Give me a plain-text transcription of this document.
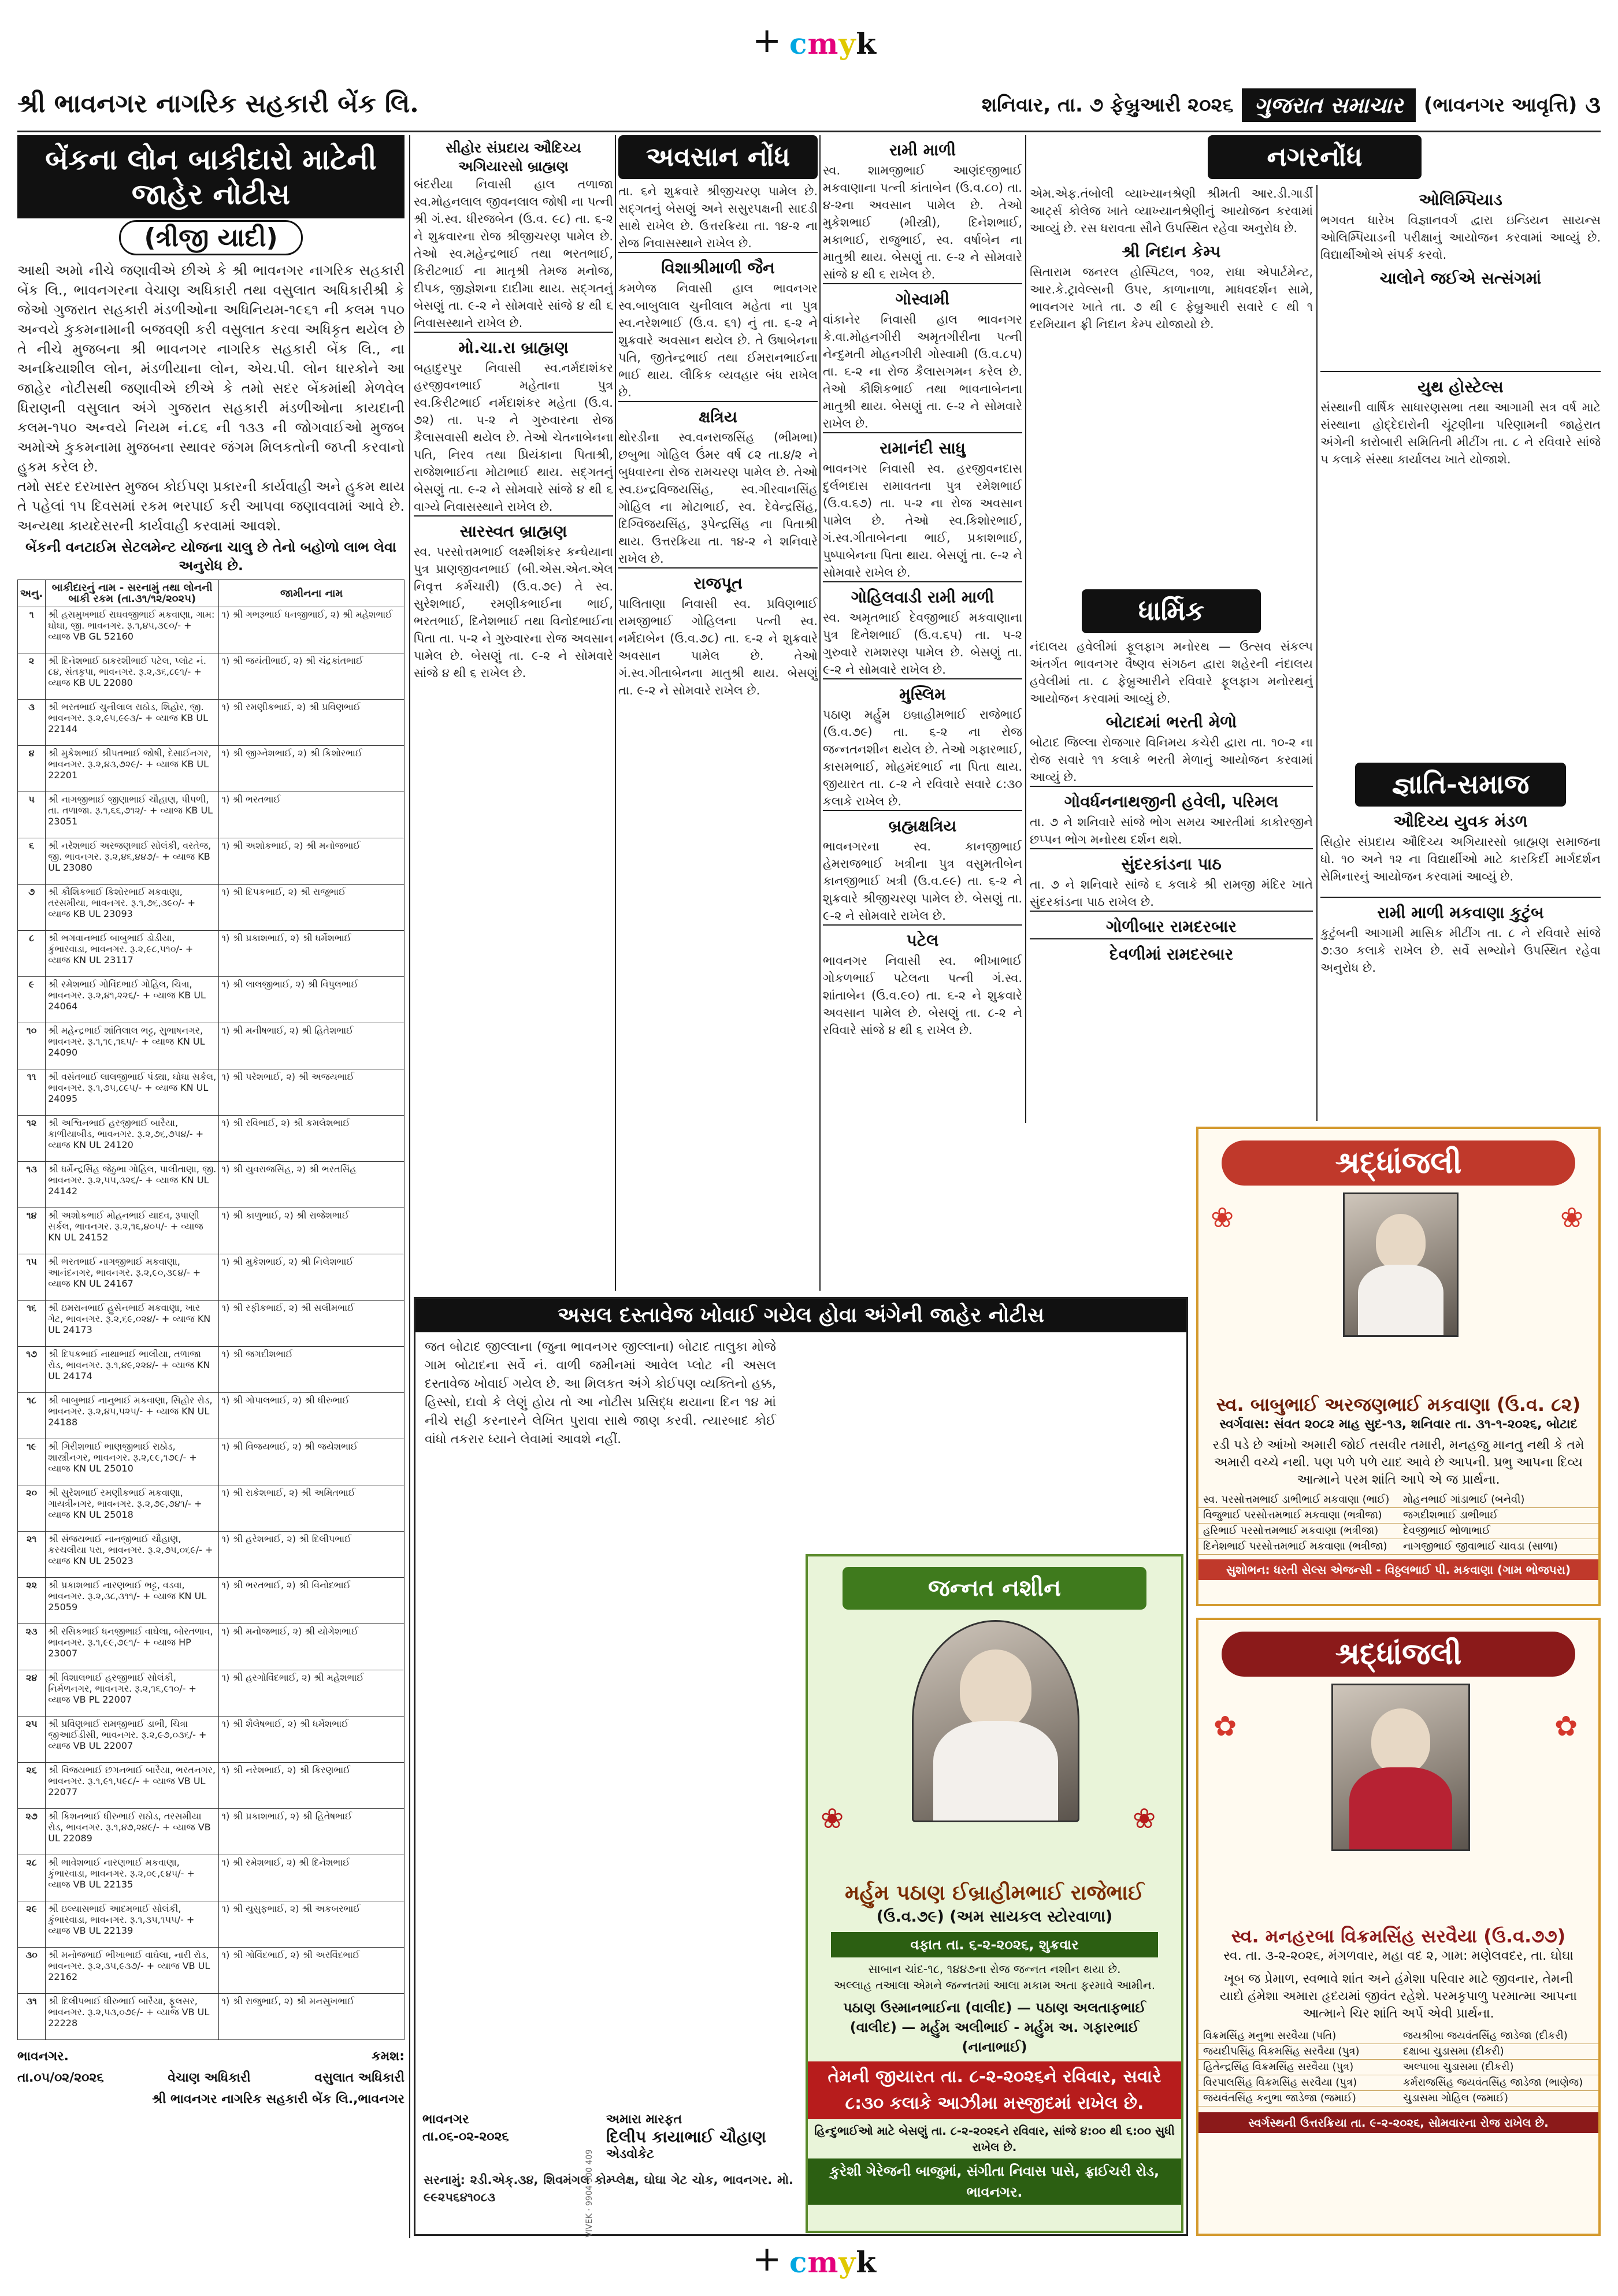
+ cmyk
+ cmyk
શ્રી ભાવનગર નાગરિક સહકારી બેંક લિ.	શનિવાર, તા. ૭ ફેબ્રુઆરી ૨૦૨૬ ગુજરાત સમાચાર	(ભાવનગર આવૃત્તિ) ૩
બેંકના લોન બાકીદારો માટેની જાહેર નોટીસ
(ત્રીજી યાદી)
આથી અમો નીચે જણાવીએ છીએ કે શ્રી ભાવનગર નાગરિક સહકારી બેંક લિ., ભાવનગરના વેચાણ અધિકારી તથા વસુલાત અધિકારીશ્રી કે જેઓ ગુજરાત સહકારી મંડળીઓના અધિનિયમ-૧૯૬૧ ની કલમ ૧૫૦ અન્વયે કુકમનામાની બજવણી કરી વસુલાત કરવા અધિકૃત થયેલ છે તે નીચે મુજબના શ્રી ભાવનગર નાગરિક સહકારી બેંક લિ., ના અનક્રિયાશીલ લોન, મંડળીયાના લોન, એચ.પી. લોન ધારકોને આ જાહેર નોટીસથી જણાવીએ છીએ કે તમો સદર બેંકમાંથી મેળવેલ ધિરાણની વસુલાત અંગે ગુજરાત સહકારી મંડળીઓના કાયદાની કલમ-૧૫૦ અન્વયે નિયમ નં.૮૬ ની ૧૩૩ ની જોગવાઈઓ મુજબ અમોએ કુકમનામા મુજબના સ્થાવર જંગમ મિલકતોની જપ્તી કરવાનો હુકમ કરેલ છે.
તમો સદર દરખાસ્ત મુજબ કોઈપણ પ્રકારની કાર્યવાહી અને હુકમ થાય તે પહેલાં ૧૫ દિવસમાં રકમ ભરપાઈ કરી આપવા જણાવવામાં આવે છે. અન્યથા કાયદેસરની કાર્યવાહી કરવામાં આવશે.
બેંકની વનટાઈમ સેટલમેન્ટ યોજના ચાલુ છે તેનો બહોળો લાભ લેવા અનુરોધ છે.
અનુ.	બાકીદારનું નામ - સરનામું તથા લોનની બાકી રકમ (તા.૩૧/૧૨/૨૦૨૫)	જામીનના નામ
૧	શ્રી હસમુખભાઈ રાઘવજીભાઈ મકવાણા, ગામ: ઘોઘા, જી. ભાવનગર. રૂ.૧,૪૫,૩૯૦/- + વ્યાજ VB GL 52160	૧) શ્રી ગભરૂભાઈ ધનજીભાઈ, ૨) શ્રી મહેશભાઈ
૨	શ્રી દિનેશભાઈ ઠાકરશીભાઈ પટેલ, પ્લોટ નં. ૮૪, સંતકૃપા, ભાવનગર. રૂ.૨,૩૬,૮૯૧/- + વ્યાજ KB UL 22080	૧) શ્રી જયંતીભાઈ, ૨) શ્રી ચંદ્રકાંતભાઈ
૩	શ્રી ભરતભાઈ ચુનીલાલ રાઠોડ, શિહોર, જી. ભાવનગર. રૂ.૨,૯૫,૯૯૩/- + વ્યાજ KB UL 22144	૧) શ્રી રમણીકભાઈ, ૨) શ્રી પ્રવિણભાઈ
૪	શ્રી મુકેશભાઈ શ્રીપતભાઈ જોષી, દેસાઈનગર, ભાવનગર. રૂ.૨,૪૩,૭૨૯/- + વ્યાજ KB UL 22201	૧) શ્રી જીગ્નેશભાઈ, ૨) શ્રી કિશોરભાઈ
૫	શ્રી નાગજીભાઈ જીણાભાઈ ચૌહાણ, પીપળી, તા. તળાજા. રૂ.૧,૬૬,૭૧૨/- + વ્યાજ KB UL 23051	૧) શ્રી ભરતભાઈ
૬	શ્રી નરેશભાઈ અરજણભાઈ સોલંકી, વરતેજ, જી. ભાવનગર. રૂ.૨,૪૬,૪૪૭/- + વ્યાજ KB UL 23080	૧) શ્રી અશોકભાઈ, ૨) શ્રી મનોજભાઈ
૭	શ્રી કૌશિકભાઈ કિશોરભાઈ મકવાણા, તરસમીયા, ભાવનગર. રૂ.૧,૭૬,૩૯૦/- + વ્યાજ KB UL 23093	૧) શ્રી દિપકભાઈ, ૨) શ્રી રાજુભાઈ
૮	શ્રી ભગવાનભાઈ બાબુભાઈ ડોડીયા, કુંભારવાડા, ભાવનગર. રૂ.૨,૯૮,૫૧૦/- + વ્યાજ KN UL 23117	૧) શ્રી પ્રકાશભાઈ, ૨) શ્રી ધર્મેશભાઈ
૯	શ્રી રમેશભાઈ ગોવિંદભાઈ ગોહિલ, ચિત્રા, ભાવનગર. રૂ.૨,૪૧,૨૨૬/- + વ્યાજ KB UL 24064	૧) શ્રી લાલજીભાઈ, ૨) શ્રી વિપુલભાઈ
૧૦	શ્રી મહેન્દ્રભાઈ શાંતિલાલ ભટ્ટ, સુભાષનગર, ભાવનગર. રૂ.૧,૧૯,૧૬૫/- + વ્યાજ KN UL 24090	૧) શ્રી મનીષભાઈ, ૨) શ્રી હિતેશભાઈ
૧૧	શ્રી વસંતભાઈ લાલજીભાઈ પંડ્યા, ઘોઘા સર્કલ, ભાવનગર. રૂ.૧,૭૫,૮૯૫/- + વ્યાજ KN UL 24095	૧) શ્રી પરેશભાઈ, ૨) શ્રી અજયભાઈ
૧૨	શ્રી અશ્વિનભાઈ હરજીભાઈ બારૈયા, કાળીયાબીડ, ભાવનગર. રૂ.૨,૭૬,૭૫૪/- + વ્યાજ KN UL 24120	૧) શ્રી રવિભાઈ, ૨) શ્રી કમલેશભાઈ
૧૩	શ્રી ધર્મેન્દ્રસિંહ જેઠુભા ગોહિલ, પાલીતાણા, જી. ભાવનગર. રૂ.૨,૫૫,૩૨૬/- + વ્યાજ KN UL 24142	૧) શ્રી યુવરાજસિંહ, ૨) શ્રી ભરતસિંહ
૧૪	શ્રી અશોકભાઈ મોહનભાઈ યાદવ, રૂપાણી સર્કલ, ભાવનગર. રૂ.૨,૧૬,૪૦૫/- + વ્યાજ KN UL 24152	૧) શ્રી કાળુભાઈ, ૨) શ્રી રાજેશભાઈ
૧૫	શ્રી ભરતભાઈ નાગજીભાઈ મકવાણા, આનંદનગર, ભાવનગર. રૂ.૨,૯૦,૩૯૪/- + વ્યાજ KN UL 24167	૧) શ્રી મુકેશભાઈ, ૨) શ્રી નિલેશભાઈ
૧૬	શ્રી ઇમરાનભાઈ હુસેનભાઈ મકવાણા, ખાર ગેટ, ભાવનગર. રૂ.૨,૬૯,૦૨૪/- + વ્યાજ KN UL 24173	૧) શ્રી રફીકભાઈ, ૨) શ્રી સલીમભાઈ
૧૭	શ્રી દિપકભાઈ નાથાભાઈ ભાલીયા, તળાજા રોડ, ભાવનગર. રૂ.૧,૪૯,૨૨૪/- + વ્યાજ KN UL 24174	૧) શ્રી જગદીશભાઈ
૧૮	શ્રી બાબુભાઈ નાનુભાઈ મકવાણા, સિહોર રોડ, ભાવનગર. રૂ.૨,૪૫,૫૨૫/- + વ્યાજ KN UL 24188	૧) શ્રી ગોપાલભાઈ, ૨) શ્રી ધીરુભાઈ
૧૯	શ્રી ગિરીશભાઈ ભાણજીભાઈ રાઠોડ, શાસ્ત્રીનગર, ભાવનગર. રૂ.૨,૯૯,૧૭૯/- + વ્યાજ KN UL 25010	૧) શ્રી વિજયભાઈ, ૨) શ્રી જયેશભાઈ
૨૦	શ્રી સુરેશભાઈ રમણીકભાઈ મકવાણા, ગાયત્રીનગર, ભાવનગર. રૂ.૨,૭૯,૭૪૧/- + વ્યાજ KN UL 25018	૧) શ્રી રાકેશભાઈ, ૨) શ્રી અમિતભાઈ
૨૧	શ્રી સંજયભાઈ નાનજીભાઈ ચૌહાણ, કરચલીયા પરા, ભાવનગર. રૂ.૨,૭૫,૦૬૯/- + વ્યાજ KN UL 25023	૧) શ્રી હરેશભાઈ, ૨) શ્રી દિલીપભાઈ
૨૨	શ્રી પ્રકાશભાઈ નારણભાઈ ભટ્ટ, વડવા, ભાવનગર. રૂ.૨,૩૮,૩૧૧/- + વ્યાજ KN UL 25059	૧) શ્રી ભરતભાઈ, ૨) શ્રી વિનોદભાઈ
૨૩	શ્રી રસિકભાઈ ધનજીભાઈ વાઘેલા, બોરતળાવ, ભાવનગર. રૂ.૧,૯૯,૭૯૧/- + વ્યાજ HP 23007	૧) શ્રી મનોજભાઈ, ૨) શ્રી યોગેશભાઈ
૨૪	શ્રી વિશાલભાઈ હરજીભાઈ સોલંકી, નિર્મળનગર, ભાવનગર. રૂ.૨,૧૬,૯૧૦/- + વ્યાજ VB PL 22007	૧) શ્રી હરગોવિંદભાઈ, ૨) શ્રી મહેશભાઈ
૨૫	શ્રી પ્રવિણભાઈ રામજીભાઈ ડાભી, ચિત્રા જીઆઈડીસી, ભાવનગર. રૂ.૨,૯૭,૦૩૬/- + વ્યાજ VB UL 22007	૧) શ્રી શૈલેષભાઈ, ૨) શ્રી ધર્મેશભાઈ
૨૬	શ્રી વિજયભાઈ છગનભાઈ બારૈયા, ભરતનગર, ભાવનગર. રૂ.૧,૯૧,૫૯૮/- + વ્યાજ VB UL 22077	૧) શ્રી નરેશભાઈ, ૨) શ્રી કિરણભાઈ
૨૭	શ્રી કિશનભાઈ ધીરુભાઈ રાઠોડ, તરસમીયા રોડ, ભાવનગર. રૂ.૧,૪૭,૨૪૯/- + વ્યાજ VB UL 22089	૧) શ્રી પ્રકાશભાઈ, ૨) શ્રી હિતેષભાઈ
૨૮	શ્રી ભાવેશભાઈ નારણભાઈ મકવાણા, કુંભારવાડા, ભાવનગર. રૂ.૨,૦૯,૯૪૫/- + વ્યાજ VB UL 22135	૧) શ્રી રમેશભાઈ, ૨) શ્રી દિનેશભાઈ
૨૯	શ્રી ઇલ્યાસભાઈ આદમભાઈ સોલંકી, કુંભારવાડા, ભાવનગર. રૂ.૧,૩૫,૧૫૫/- + વ્યાજ VB UL 22139	૧) શ્રી યુસુફભાઈ, ૨) શ્રી અકબરભાઈ
૩૦	શ્રી મનોજભાઈ ભીખાભાઈ વાઘેલા, નારી રોડ, ભાવનગર. રૂ.૨,૩૫,૯૩૭/- + વ્યાજ VB UL 22162	૧) શ્રી ગોવિંદભાઈ, ૨) શ્રી અરવિંદભાઈ
૩૧	શ્રી દિલીપભાઈ ધીરુભાઈ બારૈયા, ફૂલસર, ભાવનગર. રૂ.૨,૫૩,૦૭૯/- + વ્યાજ VB UL 22228	૧) શ્રી રાજુભાઈ, ૨) શ્રી મનસુખભાઈ
ભાવનગર.	કમશ:
તા.૦૫/૦૨/૨૦૨૬	વેચાણ અધિકારી	વસુલાત અધિકારી
શ્રી ભાવનગર નાગરિક સહકારી બેંક લિ.,ભાવનગર
સીહોર સંપ્રદાય ઔદિચ્ય અગિયારસો બ્રાહ્મણ
બંદરીયા નિવાસી હાલ તળાજા સ્વ.મોહનલાલ જીવનલાલ જોષી ના પત્ની શ્રી ગં.સ્વ. ધીરજબેન (ઉ.વ. ૯૮) તા. ૬-૨ ને શુક્રવારના રોજ શ્રીજીચરણ પામેલ છે. તેઓ સ્વ.મહેન્દ્રભાઈ તથા ભરતભાઈ, કિરીટભાઈ ના માતૃશ્રી તેમજ મનોજ, દીપક, જીજ્ઞેશના દાદીમા થાય. સદ્ગતનું બેસણું તા. ૯-૨ ને સોમવારે સાંજે ૪ થી ૬ નિવાસસ્થાને રાખેલ છે.
મો.ચા.રા બ્રાહ્મણ
બહાદુરપુર નિવાસી સ્વ.નર્મદાશંકર હરજીવનભાઈ મહેતાના પુત્ર સ્વ.કિરીટભાઈ નર્મદાશંકર મહેતા (ઉ.વ. ૭૨) તા. ૫-૨ ને ગુરુવારના રોજ કૈલાસવાસી થયેલ છે. તેઓ ચેતનાબેનના પતિ, નિરવ તથા પ્રિયંકાના પિતાશ્રી, રાજેશભાઈના મોટાભાઈ થાય. સદ્ગતનું બેસણું તા. ૯-૨ ને સોમવારે સાંજે ૪ થી ૬ વાગ્યે નિવાસસ્થાને રાખેલ છે.
સારસ્વત બ્રાહ્મણ
સ્વ. પરસોત્તમભાઈ લક્ષ્મીશંકર કન્ધેયાના પુત્ર પ્રાણજીવનભાઈ (બી.એસ.એન.એલ નિવૃત્ત કર્મચારી) (ઉ.વ.૭૯) તે સ્વ. સુરેશભાઈ, રમણીકભાઈના ભાઈ, ભરતભાઈ, દિનેશભાઈ તથા વિનોદભાઈના પિતા તા. ૫-૨ ને ગુરુવારના રોજ અવસાન પામેલ છે. બેસણું તા. ૯-૨ ને સોમવારે સાંજે ૪ થી ૬ રાખેલ છે.
અવસાન નોંધ
તા. ૬ને શુક્રવારે શ્રીજીચરણ પામેલ છે. સદ્ગતનું બેસણું અને સસુરપક્ષની સાદડી સાથે રાખેલ છે. ઉત્તરક્રિયા તા. ૧૪-૨ ના રોજ નિવાસસ્થાને રાખેલ છે.
વિશાશ્રીમાળી જૈન
કમળેજ નિવાસી હાલ ભાવનગર સ્વ.બાબુલાલ ચુનીલાલ મહેતા ના પુત્ર સ્વ.નરેશભાઈ (ઉ.વ. ૬૧) નું તા. ૬-૨ ને શુક્રવારે અવસાન થયેલ છે. તે ઉષાબેનના પતિ, જીતેન્દ્રભાઈ તથા ઈમરાનભાઈના ભાઈ થાય. લૌકિક વ્યવહાર બંધ રાખેલ છે.
ક્ષત્રિય
થોરડીના સ્વ.વનરાજસિંહ (ભીમભા) છબુભા ગોહિલ ઉંમર વર્ષ ૮૨ તા.૪/૨ ને બુધવારના રોજ રામચરણ પામેલ છે. તેઓ સ્વ.ઇન્દ્રવિજયસિંહ, સ્વ.ગીરવાનસિંહ ગોહિલ ના મોટાભાઈ, સ્વ. દેવેન્દ્રસિંહ, દિગ્વિજયસિંહ, રૂપેન્દ્રસિંહ ના પિતાશ્રી થાય. ઉત્તરક્રિયા તા. ૧૪-૨ ને શનિવારે રાખેલ છે.
રાજપૂત
પાલિતાણા નિવાસી સ્વ. પ્રવિણભાઈ રામજીભાઈ ગોહિલના પત્ની સ્વ. નર્મદાબેન (ઉ.વ.૭૮) તા. ૬-૨ ને શુક્રવારે અવસાન પામેલ છે. તેઓ ગં.સ્વ.ગીતાબેનના માતુશ્રી થાય. બેસણું તા. ૯-૨ ને સોમવારે રાખેલ છે.
રામી માળી
સ્વ. શામજીભાઈ આણંદજીભાઈ મકવાણાના પત્ની કાંતાબેન (ઉ.વ.૮૦) તા. ૪-૨ના અવસાન પામેલ છે. તેઓ મુકેશભાઈ (મીસ્ત્રી), દિનેશભાઈ, મકાભાઈ, રાજુભાઈ, સ્વ. વર્ષાબેન ના માતુશ્રી થાય. બેસણું તા. ૯-૨ ને સોમવારે સાંજે ૪ થી ૬ રાખેલ છે.
ગોસ્વામી
વાંકાનેર નિવાસી હાલ ભાવનગર કે.વા.મોહનગીરી અમૃતગીરીના પત્ની નેન્દુમતી મોહનગીરી ગોસ્વામી (ઉ.વ.૮૫) તા. ૬-૨ ના રોજ કૈલાસગમન કરેલ છે. તેઓ કૌશિકભાઈ તથા ભાવનાબેનના માતુશ્રી થાય. બેસણું તા. ૯-૨ ને સોમવારે રાખેલ છે.
રામાનંદી સાધુ
ભાવનગર નિવાસી સ્વ. હરજીવનદાસ દુર્લભદાસ રામાવતના પુત્ર રમેશભાઈ (ઉ.વ.૬૭) તા. ૫-૨ ના રોજ અવસાન પામેલ છે. તેઓ સ્વ.કિશોરભાઈ, ગં.સ્વ.ગીતાબેનના ભાઈ, પ્રકાશભાઈ, પુષ્પાબેનના પિતા થાય. બેસણું તા. ૯-૨ ને સોમવારે રાખેલ છે.
ગોહિલવાડી રામી માળી
સ્વ. અમૃતભાઈ દેવજીભાઈ મકવાણાના પુત્ર દિનેશભાઈ (ઉ.વ.૬૫) તા. ૫-૨ ગુરુવારે રામશરણ પામેલ છે. બેસણું તા. ૯-૨ ને સોમવારે રાખેલ છે.
મુસ્લિમ
પઠાણ મર્હુમ ઇબ્રાહીમભાઈ રાજેભાઈ (ઉ.વ.૭૯) તા. ૬-૨ ના રોજ જન્નતનશીન થયેલ છે. તેઓ ગફારભાઈ, કાસમભાઈ, મોહમંદભાઈ ના પિતા થાય. જીયારત તા. ૮-૨ ને રવિવારે સવારે ૮:૩૦ કલાકે રાખેલ છે.
બ્રહ્મક્ષત્રિય
ભાવનગરના સ્વ. કાનજીભાઈ હેમરાજભાઈ ખત્રીના પુત્ર વસુમતીબેન કાનજીભાઈ ખત્રી (ઉ.વ.૯૯) તા. ૬-૨ ને શુક્રવારે શ્રીજીચરણ પામેલ છે. બેસણું તા. ૯-૨ ને સોમવારે રાખેલ છે.
પટેલ
ભાવનગર નિવાસી સ્વ. ભીખાભાઈ ગોકળભાઈ પટેલના પત્ની ગં.સ્વ. શાંતાબેન (ઉ.વ.૯૦) તા. ૬-૨ ને શુક્રવારે અવસાન પામેલ છે. બેસણું તા. ૮-૨ ને રવિવારે સાંજે ૪ થી ૬ રાખેલ છે.
નગરનોંધ
એમ.એફ.તંબોલી વ્યાખ્યાનશ્રેણી શ્રીમતી આર.ડી.ગાર્ડી આર્ટ્સ કોલેજ ખાતે વ્યાખ્યાનશ્રેણીનું આયોજન કરવામાં આવ્યું છે. રસ ધરાવતા સૌને ઉપસ્થિત રહેવા અનુરોધ છે.
શ્રી નિદાન કેમ્પ
સિતારામ જનરલ હોસ્પિટલ, ૧૦૨, રાધા એપાર્ટમેન્ટ, આર.કે.ટ્રાવેલ્સની ઉપર, કાળાનાળા, માધવદર્શન સામે, ભાવનગર ખાતે તા. ૭ થી ૯ ફેબ્રુઆરી સવારે ૯ થી ૧ દરમિયાન ફ્રી નિદાન કેમ્પ યોજાયો છે.
ઓલિમ્પિયાડ
ભગવત ધારેખ વિજ્ઞાનવર્ગ દ્વારા ઇન્ડિયન સાયન્સ ઓલિમ્પિયાડની પરીક્ષાનું આયોજન કરવામાં આવ્યું છે. વિદ્યાર્થીઓએ સંપર્ક કરવો.
ચાલોને જઈએ સત્સંગમાં
યુથ હોસ્ટેલ્સ
સંસ્થાની વાર્ષિક સાધારણસભા તથા આગામી સત્ર વર્ષ માટે સંસ્થાના હોદ્દેદારોની ચૂંટણીના પરિણામની જાહેરાત અંગેની કારોબારી સમિતિની મીટીંગ તા. ૮ ને રવિવારે સાંજે ૫ કલાકે સંસ્થા કાર્યાલય ખાતે યોજાશે.
ધાર્મિક
નંદાલય હવેલીમાં ફૂલફાગ મનોરથ — ઉત્સવ સંકલ્પ અંતર્ગત ભાવનગર વૈષ્ણવ સંગઠન દ્વારા શહેરની નંદાલય હવેલીમાં તા. ૮ ફેબ્રુઆરીને રવિવારે ફૂલફાગ મનોરથનું આયોજન કરવામાં આવ્યું છે.
બોટાદમાં ભરતી મેળો
બોટાદ જિલ્લા રોજગાર વિનિમય કચેરી દ્વારા તા. ૧૦-૨ ના રોજ સવારે ૧૧ કલાકે ભરતી મેળાનું આયોજન કરવામાં આવ્યું છે.
ગોવર્ધનનાથજીની હવેલી, પરિમલ
તા. ૭ ને શનિવારે સાંજે ભોગ સમય આરતીમાં કાકોરજીને છપ્પન ભોગ મનોરથ દર્શન થશે.
સુંદરકાંડના પાઠ
તા. ૭ ને શનિવારે સાંજે ૬ કલાકે શ્રી રામજી મંદિર ખાતે સુંદરકાંડના પાઠ રાખેલ છે.
ગોળીબાર રામદરબાર
દેવળીમાં રામદરબાર
જ્ઞાતિ-સમાજ
ઔદિચ્ય યુવક મંડળ
સિહોર સંપ્રદાય ઔદિચ્ય અગિયારસો બ્રાહ્મણ સમાજના ધો. ૧૦ અને ૧૨ ના વિદ્યાર્થીઓ માટે કારકિર્દી માર્ગદર્શન સેમિનારનું આયોજન કરવામાં આવ્યું છે.
રામી માળી મકવાણા કુટુંબ
કુટુંબની આગામી માસિક મીટીંગ તા. ૮ ને રવિવારે સાંજે ૭:૩૦ કલાકે રાખેલ છે. સર્વે સભ્યોને ઉપસ્થિત રહેવા અનુરોધ છે.
શ્રદ્ધાંજલી
સ્વ. બાબુભાઈ અરજણભાઈ મકવાણા (ઉ.વ. ૮૨)
સ્વર્ગવાસ: સંવત ૨૦૮૨ માહ સુદ-૧૩, શનિવાર તા. ૩૧-૧-૨૦૨૬, બોટાદ
રડી પડે છે આંખો અમારી જોઈ તસવીર તમારી, મનહજુ માનતુ નથી કે તમે અમારી વચ્ચે નથી. પણ પળે પળે યાદ આવે છે આપની. પ્રભુ આપના દિવ્ય આત્માને પરમ શાંતિ આપે એ જ પ્રાર્થના.
સ્વ. પરસોત્તમભાઈ ડાભીભાઈ મકવાણા (ભાઈ)	મોહનભાઈ ગાંડાભાઈ (બનેવી)
વિજુભાઈ પરસોત્તમભાઈ મકવાણા (ભત્રીજા)	જગદીશભાઈ ડાભીભાઈ
હરિભાઈ પરસોત્તમભાઈ મકવાણા (ભત્રીજા)	દેવજીભાઈ ભોળાભાઈ
દિનેશભાઈ પરસોત્તમભાઈ મકવાણા (ભત્રીજા)	નાગજીભાઈ જીવાભાઈ ચાવડા (સાળા)
સુશોભન: ધરતી સેલ્સ એજન્સી - વિઠ્ઠલભાઈ પી. મકવાણા (ગામ ભોજપરા)
❀	❀
શ્રદ્ધાંજલી
સ્વ. મનહરબા વિક્રમસિંહ સરવૈયા (ઉ.વ.૭૭)
સ્વ. તા. ૩-૨-૨૦૨૬, મંગળવાર, મહા વદ ૨, ગામ: મણેલવદર, તા. ઘોઘા
ખૂબ જ પ્રેમાળ, સ્વભાવે શાંત અને હંમેશા પરિવાર માટે જીવનાર, તેમની યાદો હંમેશા અમારા હૃદયમાં જીવંત રહેશે. પરમકૃપાળુ પરમાત્મા આપના આત્માને ચિર શાંતિ અર્પે એવી પ્રાર્થના.
વિક્રમસિંહ મનુભા સરવૈયા (પતિ)	જયશ્રીબા જયવંતસિંહ જાડેજા (દીકરી)
જયદીપસિંહ વિક્રમસિંહ સરવૈયા (પુત્ર)	દક્ષાબા ચુડાસમા (દીકરી)
હિતેન્દ્રસિંહ વિક્રમસિંહ સરવૈયા (પુત્ર)	અલ્પાબા ચુડાસમા (દીકરી)
વિરપાલસિંહ વિક્રમસિંહ સરવૈયા (પુત્ર)	કર્મરાજસિંહ જયવંતસિંહ જાડેજા (ભાણેજ)
જયવંતસિંહ કનુભા જાડેજા (જમાઈ)	ચુડાસમા ગોહિલ (જમાઈ)
સ્વર્ગસ્થની ઉત્તરક્રિયા તા. ૯-૨-૨૦૨૬, સોમવારના રોજ રાખેલ છે.
✿	✿
અસલ દસ્તાવેજ ખોવાઈ ગયેલ હોવા અંગેની જાહેર નોટીસ
જત બોટાદ જીલ્લાના (જુના ભાવનગર જીલ્લાના) બોટાદ તાલુકા મોજે ગામ બોટાદના સર્વે નં. વાળી જમીનમાં આવેલ પ્લોટ ની અસલ દસ્તાવેજ ખોવાઈ ગયેલ છે. આ મિલકત અંગે કોઈપણ વ્યક્તિનો હક્ક, હિસ્સો, દાવો કે લેણું હોય તો આ નોટીસ પ્રસિદ્ધ થયાના દિન ૧૪ માં નીચે સહી કરનારને લેખિત પુરાવા સાથે જાણ કરવી. ત્યારબાદ કોઈ વાંધો તકરાર ધ્યાને લેવામાં આવશે નહીં.
ભાવનગર	અમારા મારફત
તા.૦૬-૦૨-૨૦૨૬	દિલીપ કાયાભાઈ ચૌહાણ
એડવોકેટ
સરનામું: ૨ડી.એક્‌.૩૪, શિવમંગલ કોમ્પ્લેક્ષ, ઘોઘા ગેટ ચોક, ભાવનગર. મો. ૯૯૨૫૬૪૧૦૮૩	VIVEK · 9904 300 409
જન્નત નશીન
મર્હુમ પઠાણ ઈબ્રાહીમભાઈ રાજેભાઈ
(ઉ.વ.૭૯) (અમ સાયકલ સ્ટોરવાળા)
વફાત તા. ૬-૨-૨૦૨૬, શુક્રવાર
સાબાન ચાંદ-૧૮, ૧૪૪૭ના રોજ જન્નત નશીન થયા છે.
અલ્લાહ તઆલા એમને જન્નતમાં આલા મકામ અતા ફરમાવે આમીન.
પઠાણ ઉસ્માનભાઈના (વાલીદ) — પઠાણ અલતાફભાઈ (વાલીદ) — મર્હુમ અલીભાઈ - મર્હુમ અ. ગફારભાઈ (નાનાભાઈ)
તેમની જીયારત તા. ૮-૨-૨૦૨૬ને રવિવાર, સવારે ૮:૩૦ કલાકે આઝીમા મસ્જીદમાં રાખેલ છે.
હિન્દુભાઈઓ માટે બેસણું તા. ૮-૨-૨૦૨૬ને રવિવાર, સાંજે ૪:૦૦ થી ૬:૦૦ સુધી રાખેલ છે.
કુરેશી ગેરેજની બાજુમાં, સંગીતા નિવાસ પાસે, ફ્રાઈચરી રોડ, ભાવનગર.
❀	❀
